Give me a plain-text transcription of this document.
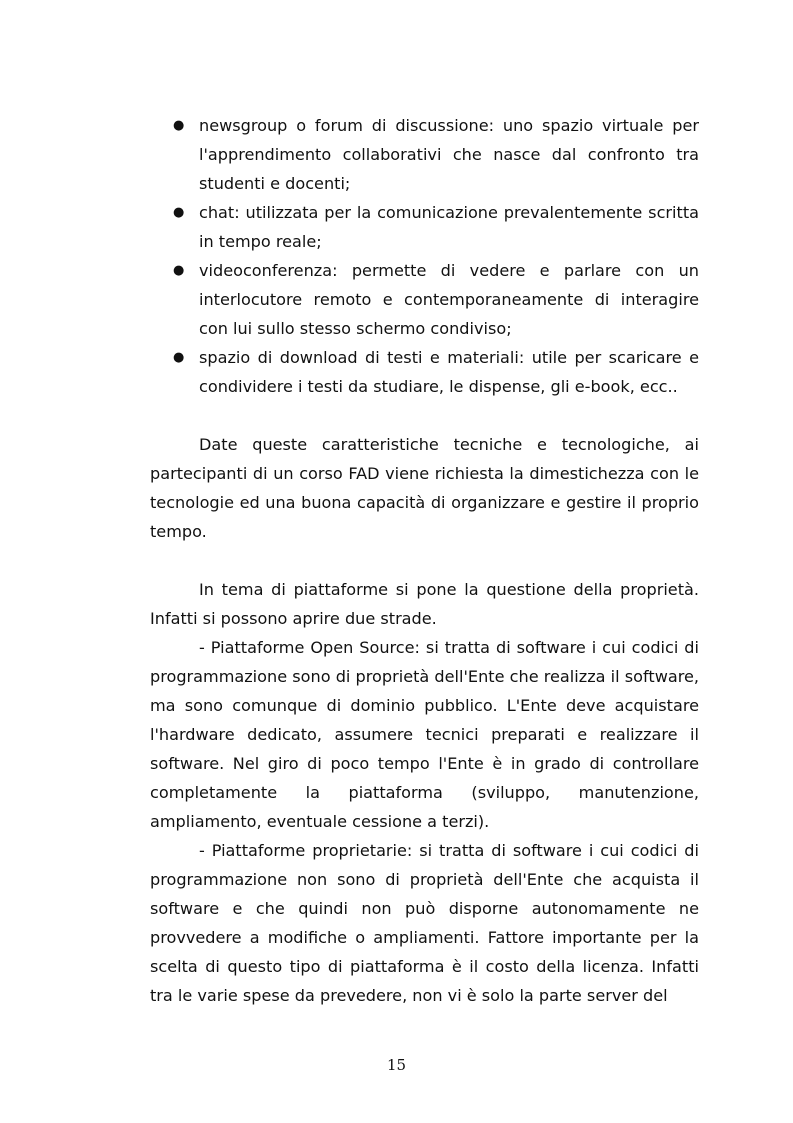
● newsgroup o forum di discussione: uno spazio virtuale per l'apprendimento collaborativi che nasce dal confronto tra studenti e docenti;
● chat: utilizzata per la comunicazione prevalentemente scritta in tempo reale;
● videoconferenza: permette di vedere e parlare con un interlocutore remoto e contemporaneamente di interagire con lui sullo stesso schermo condiviso;
● spazio di download di testi e materiali: utile per scaricare e condividere i testi da studiare, le dispense, gli e-book, ecc..

Date queste caratteristiche tecniche e tecnologiche, ai partecipanti di un corso FAD viene richiesta la dimestichezza con le tecnologie ed una buona capacità di organizzare e gestire il proprio tempo.

In tema di piattaforme si pone la questione della proprietà. Infatti si possono aprire due strade.

- Piattaforme Open Source: si tratta di software i cui codici di programmazione sono di proprietà dell'Ente che realizza il software, ma sono comunque di dominio pubblico. L'Ente deve acquistare l'hardware dedicato, assumere tecnici preparati e realizzare il software. Nel giro di poco tempo l'Ente è in grado di controllare completamente la piattaforma (sviluppo, manutenzione, ampliamento, eventuale cessione a terzi).

- Piattaforme proprietarie: si tratta di software i cui codici di programmazione non sono di proprietà dell'Ente che acquista il software e che quindi non può disporne autonomamente ne provvedere a modifiche o ampliamenti. Fattore importante per la scelta di questo tipo di piattaforma è il costo della licenza. Infatti tra le varie spese da prevedere, non vi è solo la parte server del

15
